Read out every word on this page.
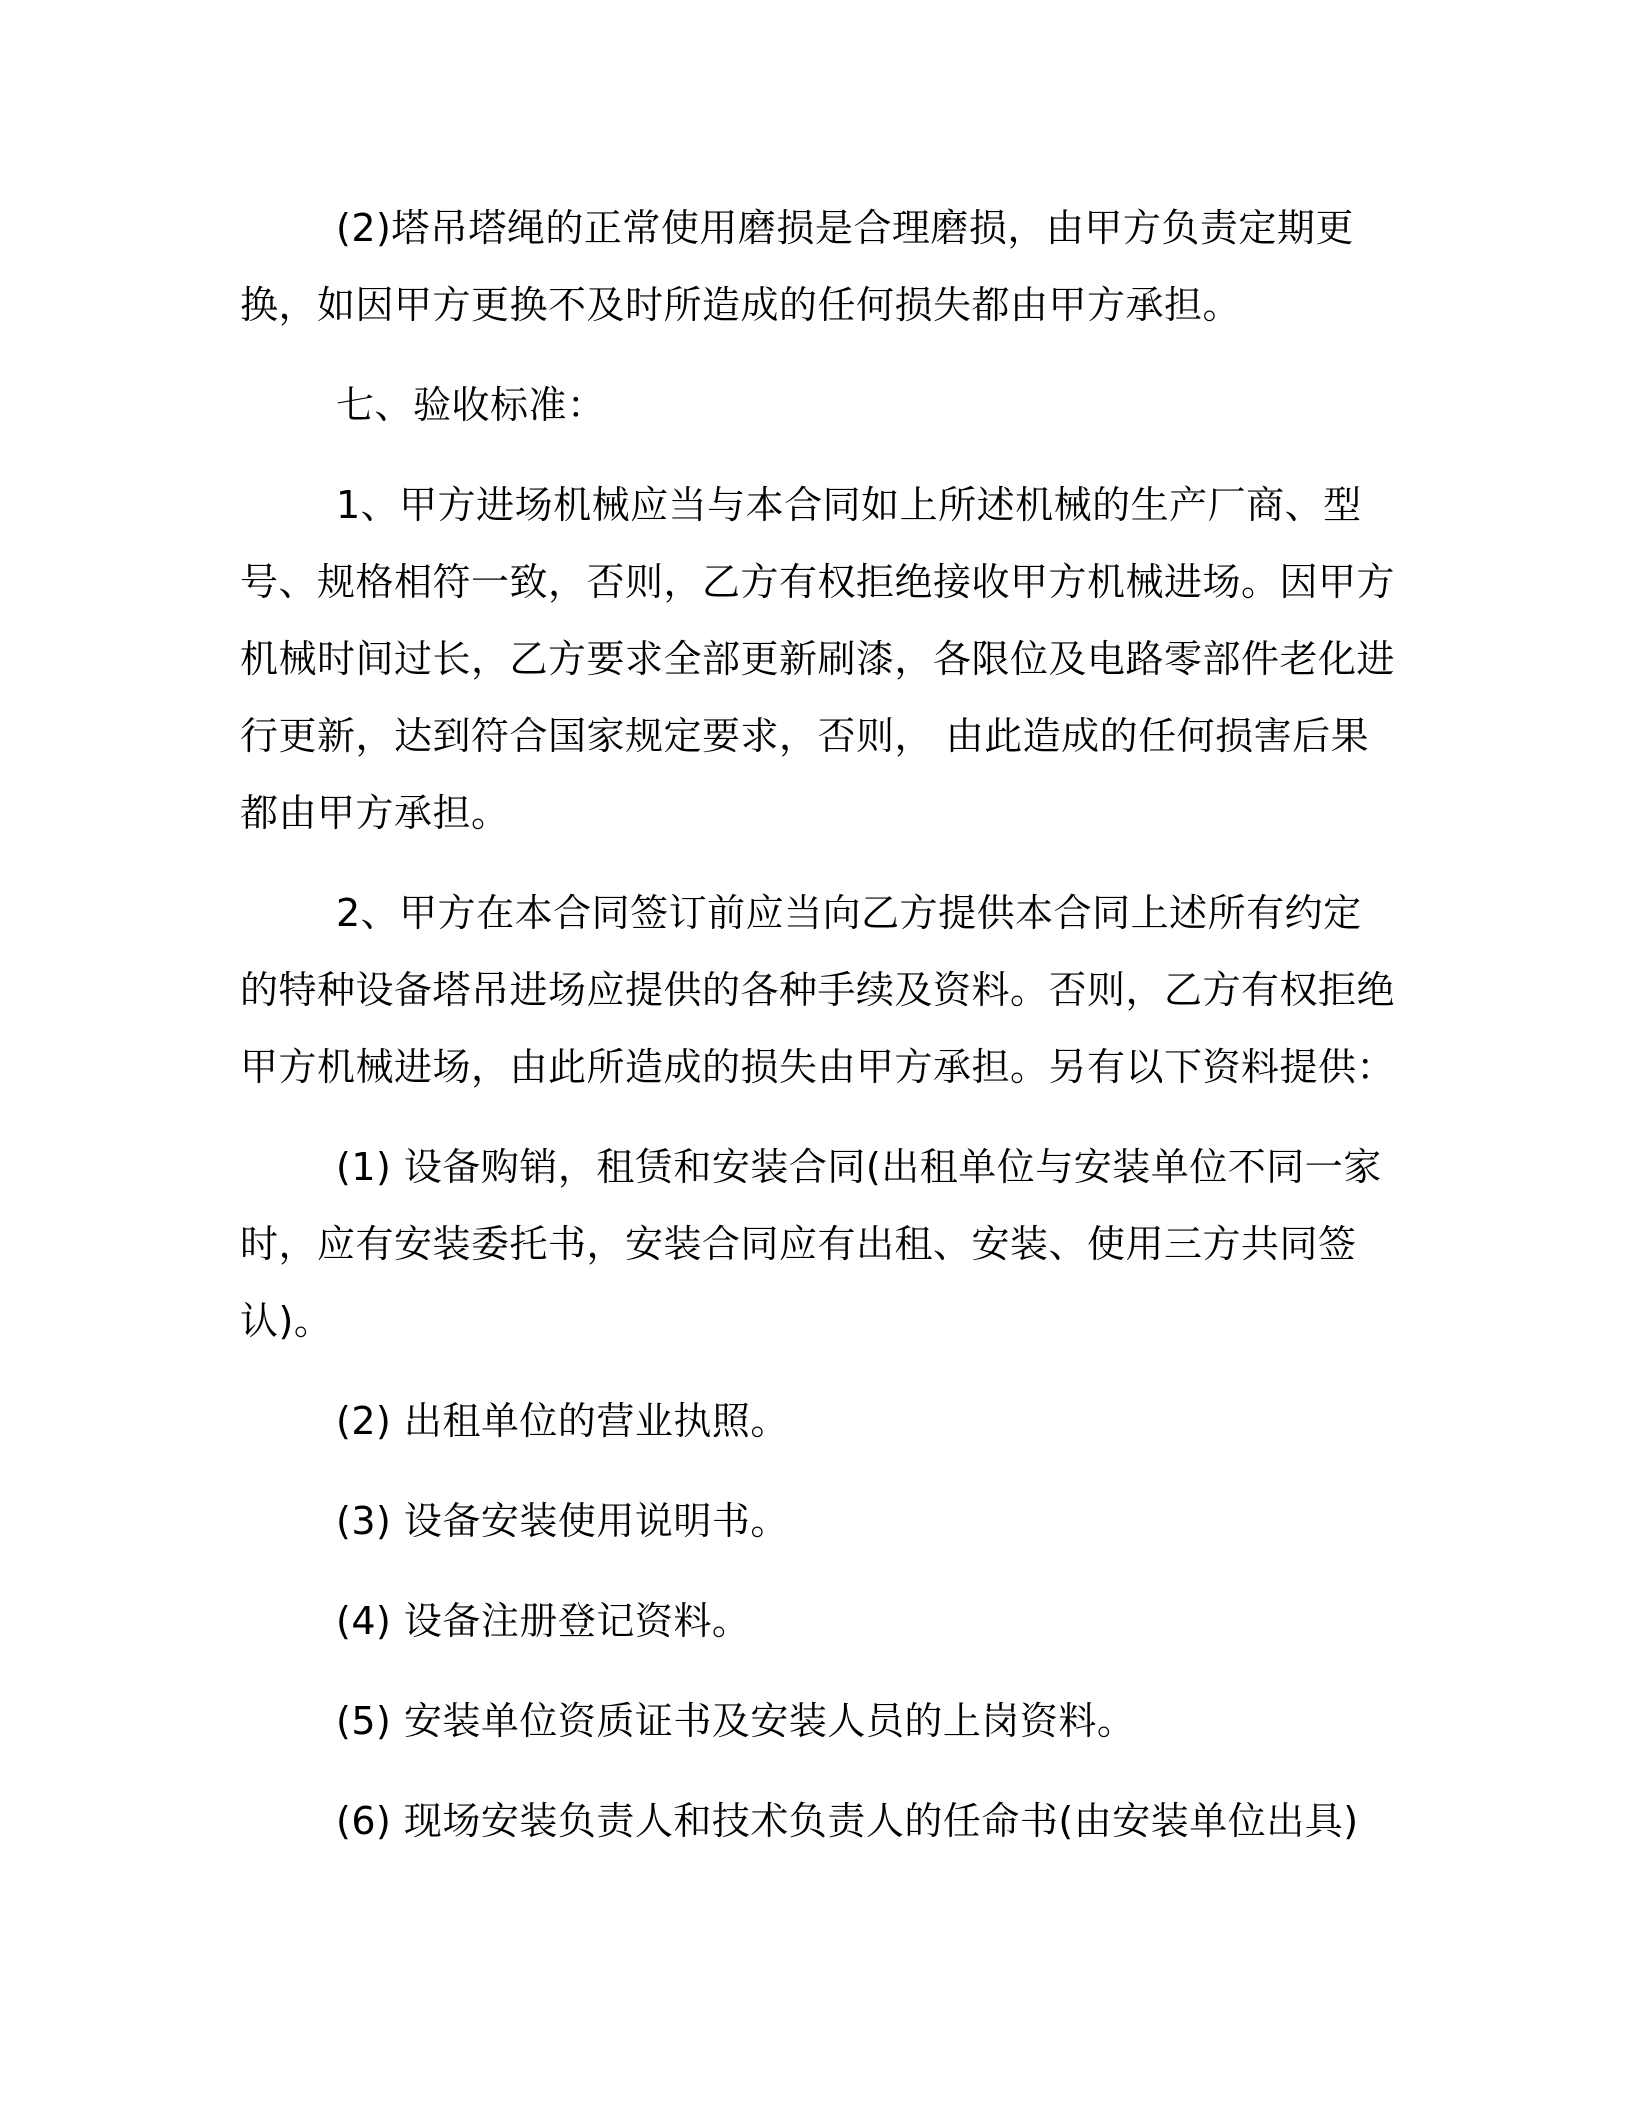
(2)塔吊塔绳的正常使用磨损是合理磨损，由甲方负责定期更换，如因甲方更换不及时所造成的任何损失都由甲方承担。

七、验收标准：

1、甲方进场机械应当与本合同如上所述机械的生产厂商、型号、规格相符一致，否则，乙方有权拒绝接收甲方机械进场。因甲方机械时间过长，乙方要求全部更新刷漆，各限位及电路零部件老化进行更新，达到符合国家规定要求，否则， 由此造成的任何损害后果都由甲方承担。

2、甲方在本合同签订前应当向乙方提供本合同上述所有约定的特种设备塔吊进场应提供的各种手续及资料。否则，乙方有权拒绝甲方机械进场，由此所造成的损失由甲方承担。另有以下资料提供：

(1) 设备购销，租赁和安装合同(出租单位与安装单位不同一家时，应有安装委托书，安装合同应有出租、安装、使用三方共同签认)。

(2) 出租单位的营业执照。

(3) 设备安装使用说明书。

(4) 设备注册登记资料。

(5) 安装单位资质证书及安装人员的上岗资料。

(6) 现场安装负责人和技术负责人的任命书(由安装单位出具)
